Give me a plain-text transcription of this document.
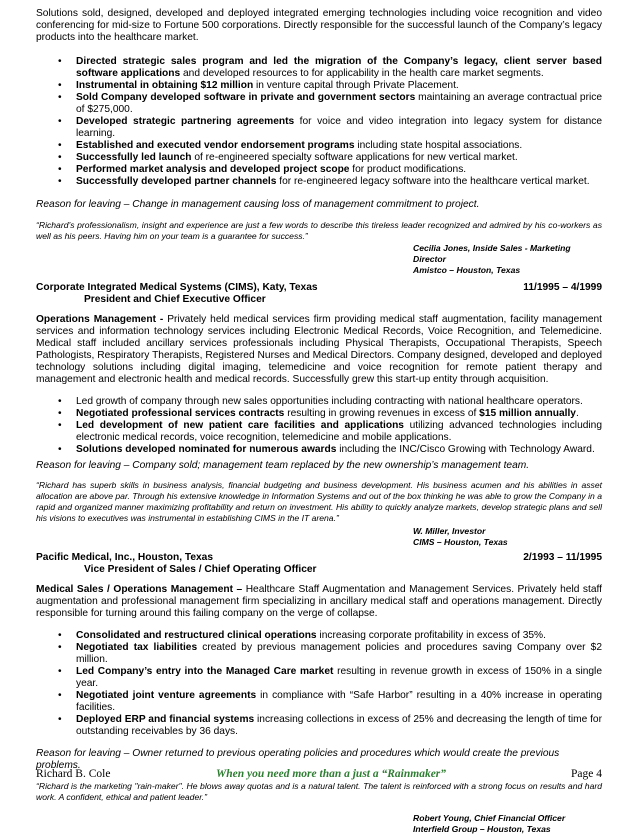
Solutions sold, designed, developed and deployed integrated emerging technologies including voice recognition and video conferencing for mid-size to Fortune 500 corporations. Directly responsible for the successful launch of the Company’s legacy products into the healthcare market.

• Directed strategic sales program and led the migration of the Company’s legacy, client server based software applications and developed resources to for applicability in the health care market segments.
• Instrumental in obtaining $12 million in venture capital through Private Placement.
• Sold Company developed software in private and government sectors maintaining an average contractual price of $275,000.
• Developed strategic partnering agreements for voice and video integration into legacy system for distance learning.
• Established and executed vendor endorsement programs including state hospital associations.
• Successfully led launch of re-engineered specialty software applications for new vertical market.
• Performed market analysis and developed project scope for product modifications.
• Successfully developed partner channels for re-engineered legacy software into the healthcare vertical market.

Reason for leaving – Change in management causing loss of management commitment to project.

“Richard’s professionalism, insight and experience are just a few words to describe this tireless leader recognized and admired by his co-workers as well as his peers. Having him on your team is a guarantee for success.”

Cecilia Jones, Inside Sales - Marketing Director

Amistco – Houston, Texas

Corporate Integrated Medical Systems (CIMS), Katy, Texas	11/1995 – 4/1999

President and Chief Executive Officer

Operations Management - Privately held medical services firm providing medical staff augmentation, facility management services and information technology services including Electronic Medical Records, Voice Recognition, and Telemedicine. Medical staff included ancillary services professionals including Physical Therapists, Occupational Therapists, Speech Pathologists, Respiratory Therapists, Registered Nurses and Medical Directors. Company designed, developed and deployed technology solutions including digital imaging, telemedicine and voice recognition for remote patient therapy and management and electronic health and medical records. Successfully grew this start-up entity through acquisition.

• Led growth of company through new sales opportunities including contracting with national healthcare operators.
• Negotiated professional services contracts resulting in growing revenues in excess of $15 million annually.
• Led development of new patient care facilities and applications utilizing advanced technologies including electronic medical records, voice recognition, telemedicine and mobile applications.
• Solutions developed nominated for numerous awards including the INC/Cisco Growing with Technology Award.

Reason for leaving – Company sold; management team replaced by the new ownership’s management team.

“Richard has superb skills in business analysis, financial budgeting and business development. His business acumen and his abilities in asset allocation are above par. Through his extensive knowledge in Information Systems and out of the box thinking he was able to grow the Company in a rapid and organized manner maximizing profitability and return on investment. His ability to quickly analyze markets, develop strategic plans and sell his visions to executives was instrumental in establishing CIMS in the IT arena.”

W. Miller, Investor

CIMS – Houston, Texas

Pacific Medical, Inc., Houston, Texas	2/1993 – 11/1995

Vice President of Sales / Chief Operating Officer

Medical Sales / Operations Management – Healthcare Staff Augmentation and Management Services. Privately held staff augmentation and professional management firm specializing in ancillary medical staff and operations management. Directly responsible for turning around this failing company on the verge of collapse.

• Consolidated and restructured clinical operations increasing corporate profitability in excess of 35%.
• Negotiated tax liabilities created by previous management policies and procedures saving Company over $2 million.
• Led Company’s entry into the Managed Care market resulting in revenue growth in excess of 150% in a single year.
• Negotiated joint venture agreements in compliance with “Safe Harbor” resulting in a 40% increase in operating facilities.
• Deployed ERP and financial systems increasing collections in excess of 25% and decreasing the length of time for outstanding receivables by 36 days.

Reason for leaving – Owner returned to previous operating policies and procedures which would create the previous problems.

“Richard is the marketing "rain-maker". He blows away quotas and is a natural talent. The talent is reinforced with a strong focus on results and hard work. A confident, ethical and patient leader.”

Robert Young, Chief Financial Officer

Interfield Group – Houston, Texas

Richard B. Cole	When you need more than a just a “Rainmaker”	Page 4
